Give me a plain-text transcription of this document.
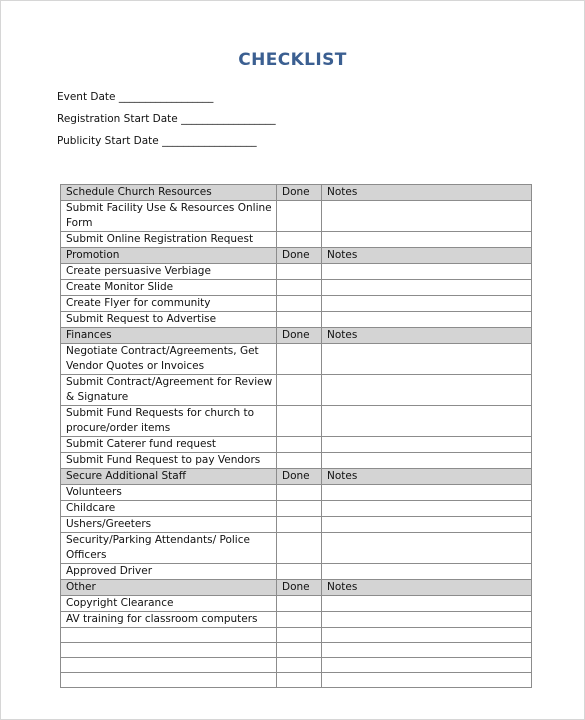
CHECKLIST
Event Date __________________
Registration Start Date __________________
Publicity Start Date __________________
Schedule Church Resources	Done	Notes
Submit Facility Use & Resources Online Form		
Submit Online Registration Request		
Promotion	Done	Notes
Create persuasive Verbiage		
Create Monitor Slide		
Create Flyer for community		
Submit Request to Advertise		
Finances	Done	Notes
Negotiate Contract/Agreements, Get Vendor Quotes or Invoices		
Submit Contract/Agreement for Review & Signature		
Submit Fund Requests for church to procure/order items		
Submit Caterer fund request		
Submit Fund Request to pay Vendors		
Secure Additional Staff	Done	Notes
Volunteers		
Childcare		
Ushers/Greeters		
Security/Parking Attendants/ Police Officers		
Approved Driver		
Other	Done	Notes
Copyright Clearance		
AV training for classroom computers		
